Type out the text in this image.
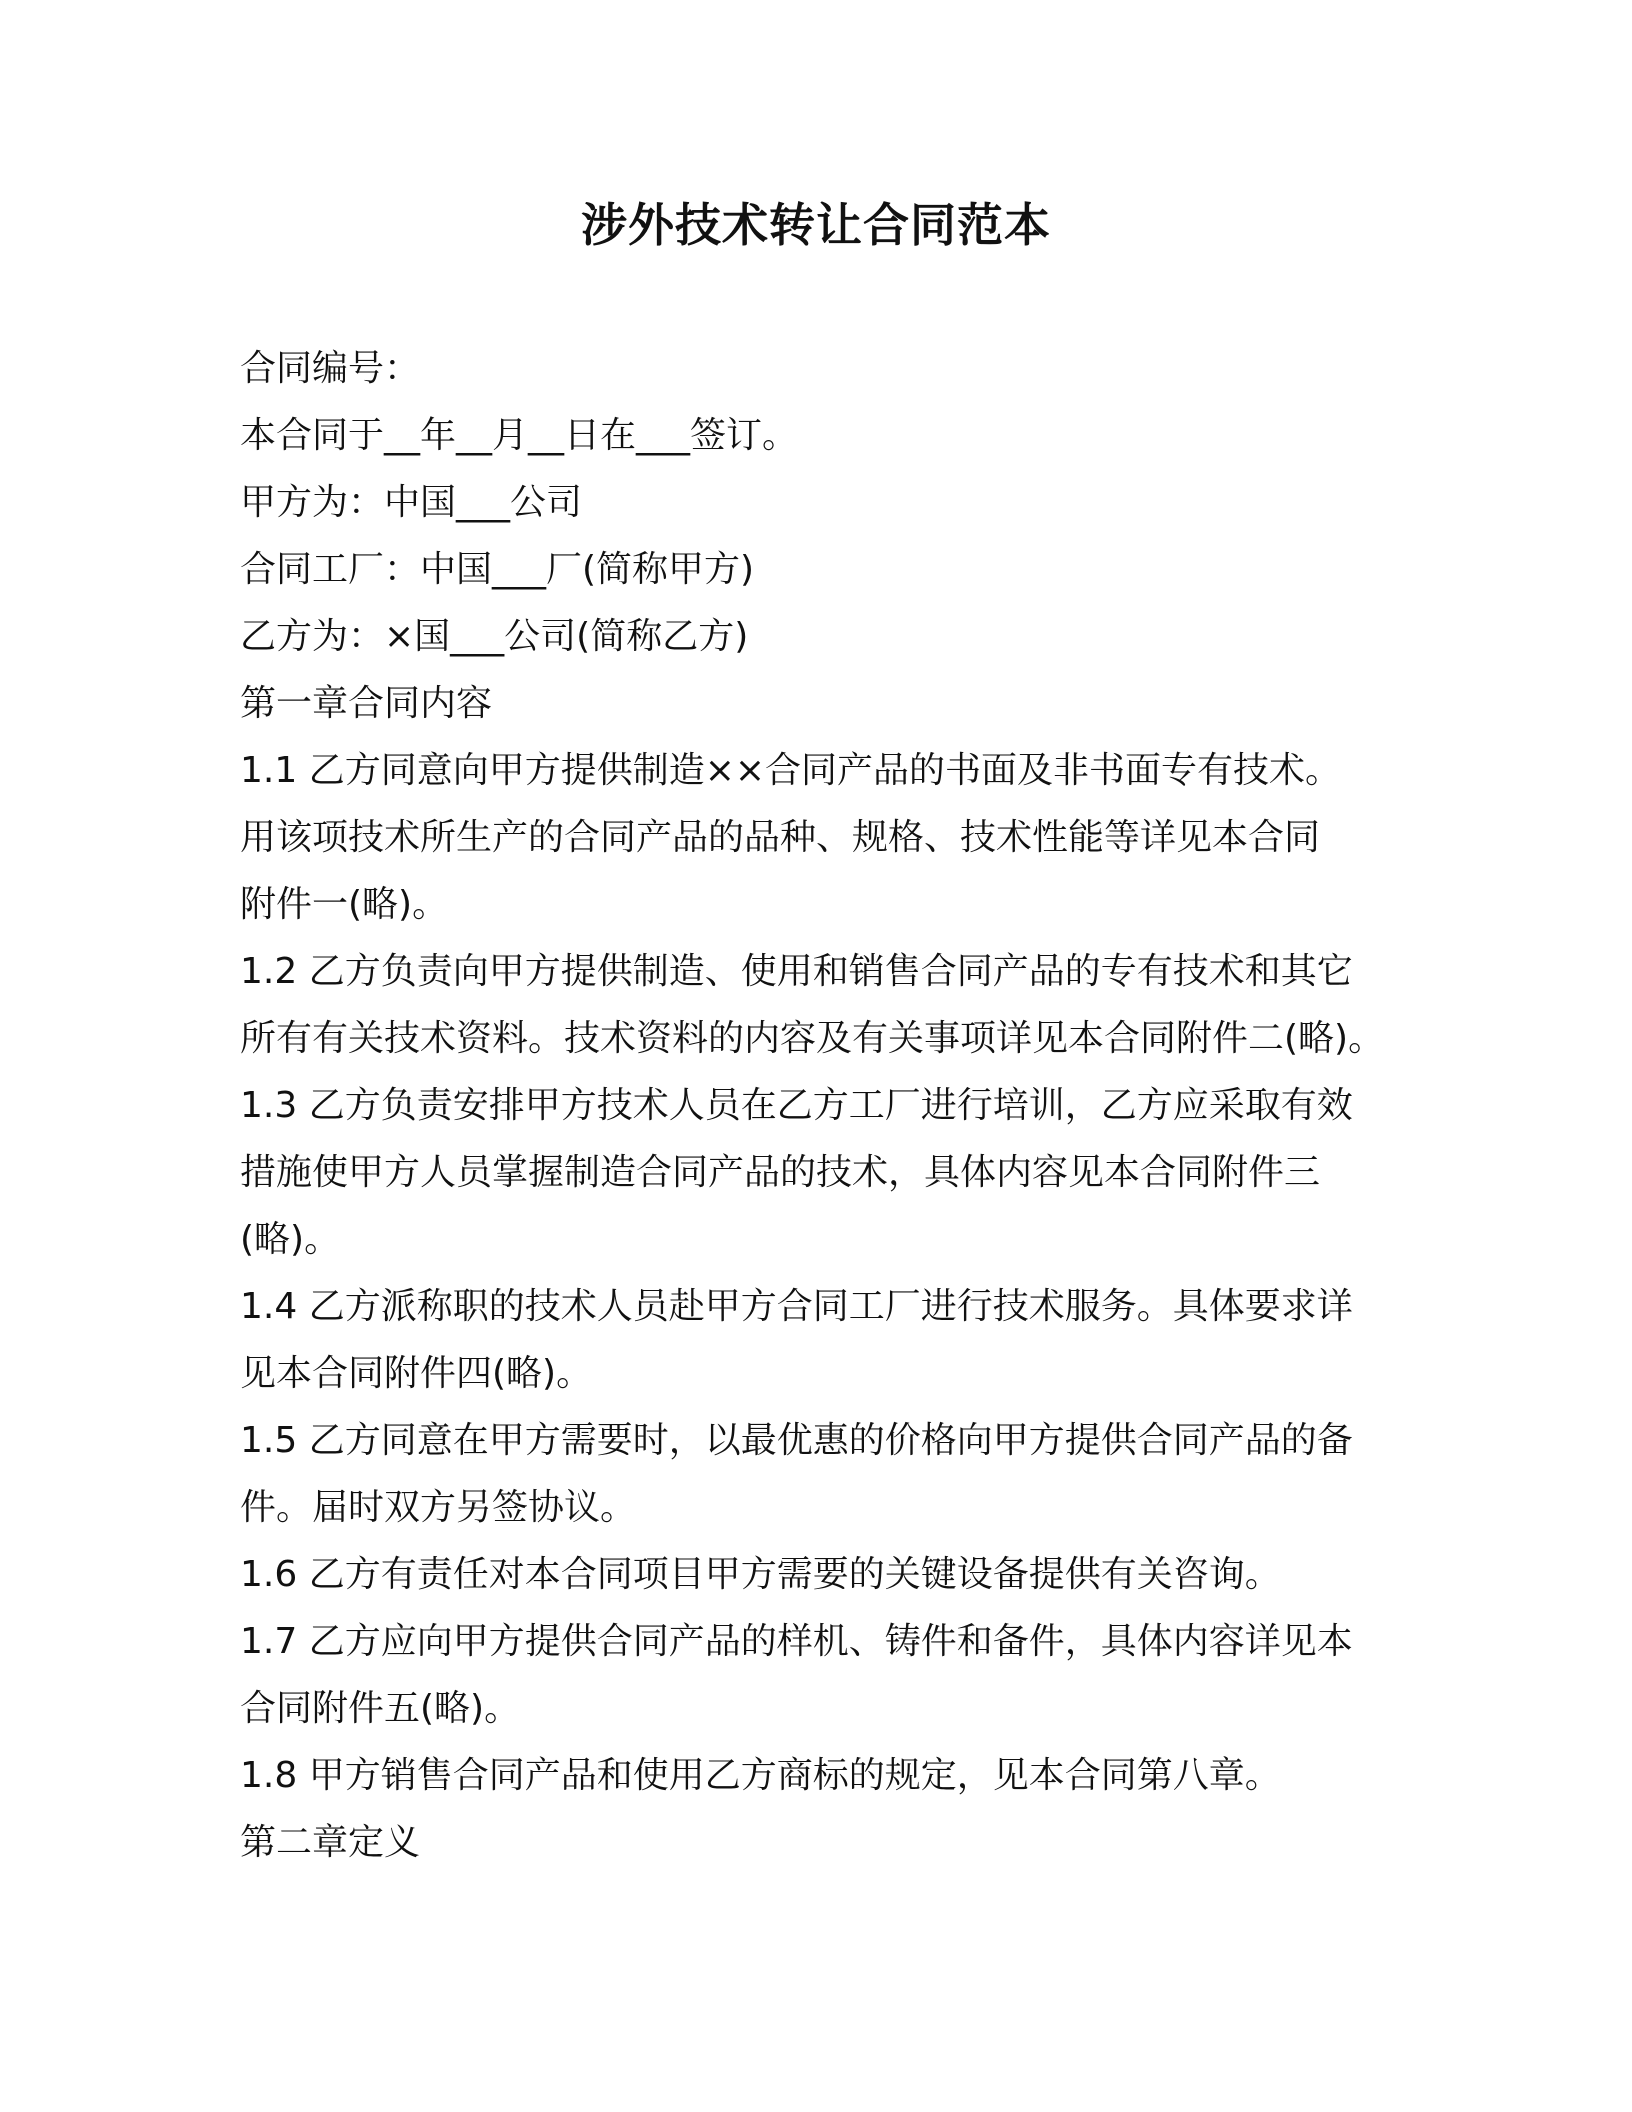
涉外技术转让合同范本
合同编号：
本合同于__年__月__日在___签订。
甲方为：中国___公司
合同工厂：中国___厂(简称甲方)
乙方为：×国___公司(简称乙方)
第一章合同内容
1.1 乙方同意向甲方提供制造××合同产品的书面及非书面专有技术。
用该项技术所生产的合同产品的品种、规格、技术性能等详见本合同
附件一(略)。
1.2 乙方负责向甲方提供制造、使用和销售合同产品的专有技术和其它
所有有关技术资料。技术资料的内容及有关事项详见本合同附件二(略)。
1.3 乙方负责安排甲方技术人员在乙方工厂进行培训，乙方应采取有效
措施使甲方人员掌握制造合同产品的技术，具体内容见本合同附件三
(略)。
1.4 乙方派称职的技术人员赴甲方合同工厂进行技术服务。具体要求详
见本合同附件四(略)。
1.5 乙方同意在甲方需要时，以最优惠的价格向甲方提供合同产品的备
件。届时双方另签协议。
1.6 乙方有责任对本合同项目甲方需要的关键设备提供有关咨询。
1.7 乙方应向甲方提供合同产品的样机、铸件和备件，具体内容详见本
合同附件五(略)。
1.8 甲方销售合同产品和使用乙方商标的规定，见本合同第八章。
第二章定义
